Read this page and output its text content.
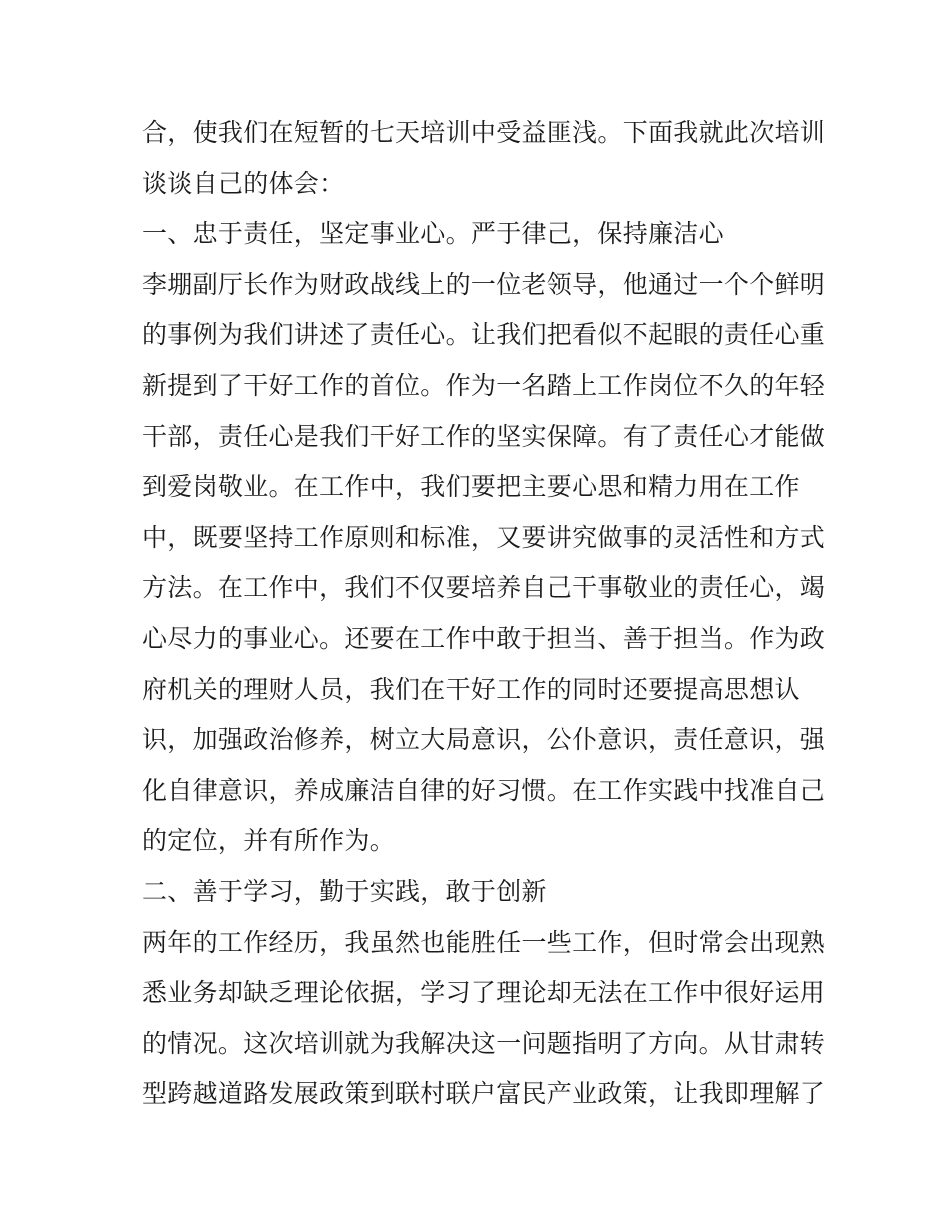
合，使我们在短暂的七天培训中受益匪浅。下面我就此次培训
谈谈自己的体会：
一、忠于责任，坚定事业心。严于律己，保持廉洁心
李堋副厅长作为财政战线上的一位老领导，他通过一个个鲜明
的事例为我们讲述了责任心。让我们把看似不起眼的责任心重
新提到了干好工作的首位。作为一名踏上工作岗位不久的年轻
干部，责任心是我们干好工作的坚实保障。有了责任心才能做
到爱岗敬业。在工作中，我们要把主要心思和精力用在工作
中，既要坚持工作原则和标准，又要讲究做事的灵活性和方式
方法。在工作中，我们不仅要培养自己干事敬业的责任心，竭
心尽力的事业心。还要在工作中敢于担当、善于担当。作为政
府机关的理财人员，我们在干好工作的同时还要提高思想认
识，加强政治修养，树立大局意识，公仆意识，责任意识，强
化自律意识，养成廉洁自律的好习惯。在工作实践中找准自己
的定位，并有所作为。
二、善于学习，勤于实践，敢于创新
两年的工作经历，我虽然也能胜任一些工作，但时常会出现熟
悉业务却缺乏理论依据，学习了理论却无法在工作中很好运用
的情况。这次培训就为我解决这一问题指明了方向。从甘肃转
型跨越道路发展政策到联村联户富民产业政策，让我即理解了
